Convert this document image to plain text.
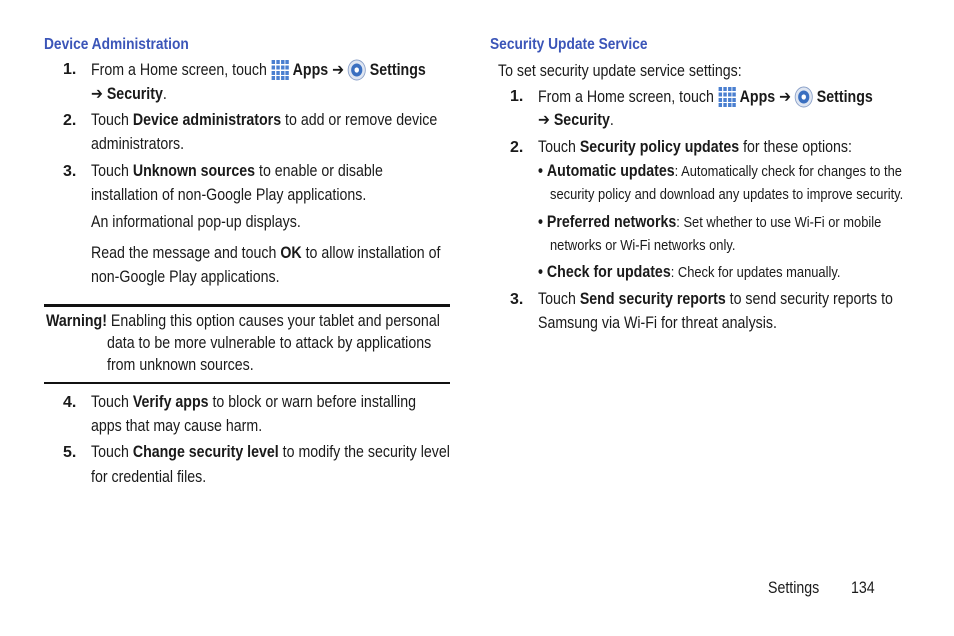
Device Administration
1. From a Home screen, touch Apps ➔ Settings
➔ Security.
2. Touch Device administrators to add or remove device
administrators.
3. Touch Unknown sources to enable or disable
installation of non-Google Play applications.
An informational pop-up displays.
Read the message and touch OK to allow installation of
non-Google Play applications.
Warning! Enabling this option causes your tablet and personal
data to be more vulnerable to attack by applications
from unknown sources.
4. Touch Verify apps to block or warn before installing
apps that may cause harm.
5. Touch Change security level to modify the security level
for credential files.
Security Update Service
To set security update service settings:
1. From a Home screen, touch Apps ➔ Settings
➔ Security.
2. Touch Security policy updates for these options:
• Automatic updates: Automatically check for changes to the
security policy and download any updates to improve security.
• Preferred networks: Set whether to use Wi-Fi or mobile
networks or Wi-Fi networks only.
• Check for updates: Check for updates manually.
3. Touch Send security reports to send security reports to
Samsung via Wi-Fi for threat analysis.
Settings	134
